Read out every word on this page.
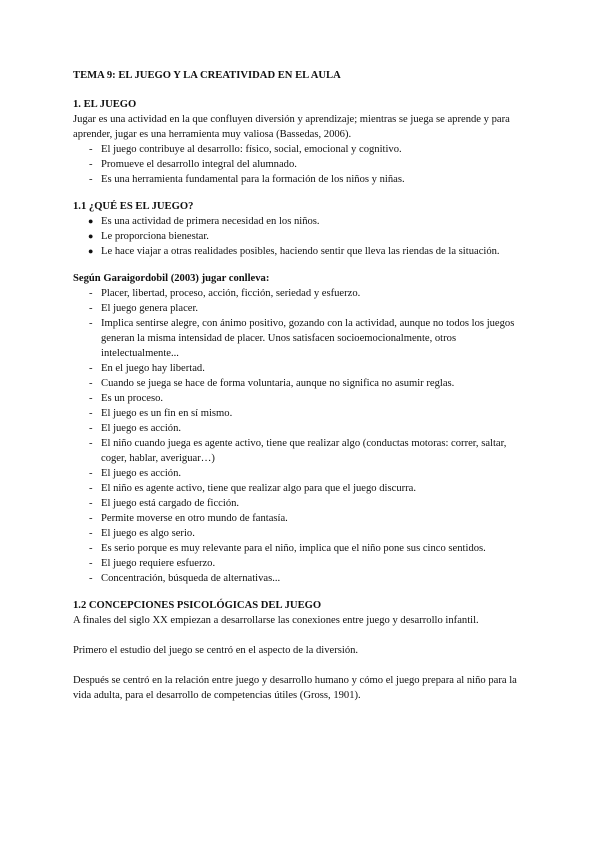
TEMA 9: EL JUEGO Y LA CREATIVIDAD EN EL AULA
1. EL JUEGO

Jugar es una actividad en la que confluyen diversión y aprendizaje; mientras se juega se aprende y para aprender, jugar es una herramienta muy valiosa (Bassedas, 2006).

- El juego contribuye al desarrollo: físico, social, emocional y cognitivo.
- Promueve el desarrollo integral del alumnado.
- Es una herramienta fundamental para la formación de los niños y niñas.
1.1 ¿QUÉ ES EL JUEGO?
● Es una actividad de primera necesidad en los niños.
● Le proporciona bienestar.
● Le hace viajar a otras realidades posibles, haciendo sentir que lleva las riendas de la situación.
Según Garaigordobil (2003) jugar conlleva:
- Placer, libertad, proceso, acción, ficción, seriedad y esfuerzo.
- El juego genera placer.
- Implica sentirse alegre, con ánimo positivo, gozando con la actividad, aunque no todos los juegos generan la misma intensidad de placer. Unos satisfacen socioemocionalmente, otros intelectualmente...
- En el juego hay libertad.
- Cuando se juega se hace de forma voluntaria, aunque no significa no asumir reglas.
- Es un proceso.
- El juego es un fin en sí mismo.
- El juego es acción.
- El niño cuando juega es agente activo, tiene que realizar algo (conductas motoras: correr, saltar, coger, hablar, averiguar…)
- El juego es acción.
- El niño es agente activo, tiene que realizar algo para que el juego discurra.
- El juego está cargado de ficción.
- Permite moverse en otro mundo de fantasía.
- El juego es algo serio.
- Es serio porque es muy relevante para el niño, implica que el niño pone sus cinco sentidos.
- El juego requiere esfuerzo.
- Concentración, búsqueda de alternativas...
1.2 CONCEPCIONES PSICOLÓGICAS DEL JUEGO

A finales del siglo XX empiezan a desarrollarse las conexiones entre juego y desarrollo infantil.

Primero el estudio del juego se centró en el aspecto de la diversión.

Después se centró en la relación entre juego y desarrollo humano y cómo el juego prepara al niño para la vida adulta, para el desarrollo de competencias útiles (Gross, 1901).
